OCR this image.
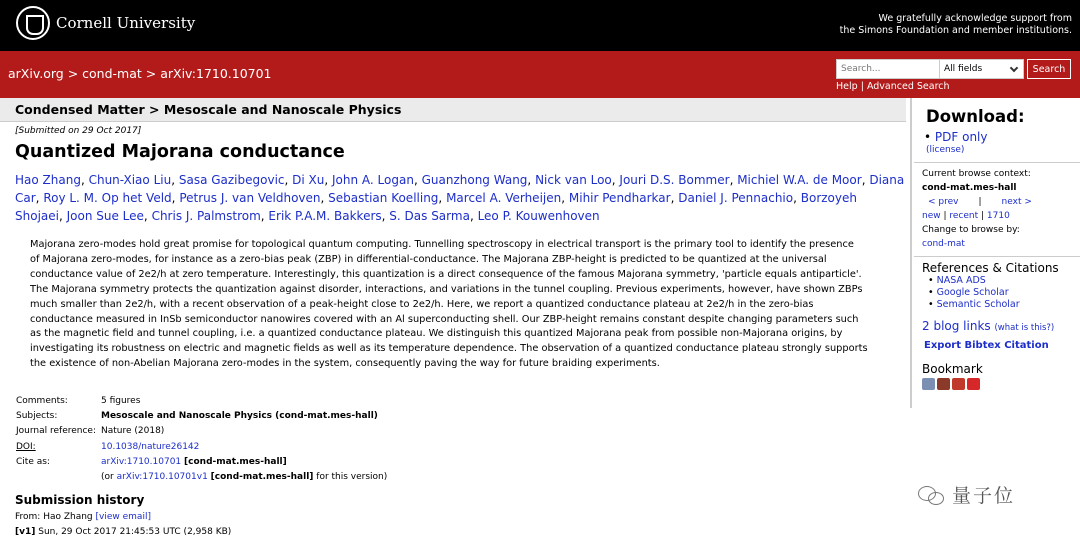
Cornell University	We gratefully acknowledge support from
the Simons Foundation and member institutions.
arXiv.org > cond-mat > arXiv:1710.10701	Search...	All fields	Search
Help | Advanced Search
Condensed Matter > Mesoscale and Nanoscale Physics
[Submitted on 29 Oct 2017]
Quantized Majorana conductance
Hao Zhang, Chun-Xiao Liu, Sasa Gazibegovic, Di Xu, John A. Logan, Guanzhong Wang, Nick van Loo, Jouri D.S. Bommer, Michiel W.A. de Moor, Diana Car, Roy L. M. Op het Veld, Petrus J. van Veldhoven, Sebastian Koelling, Marcel A. Verheijen, Mihir Pendharkar, Daniel J. Pennachio, Borzoyeh Shojaei, Joon Sue Lee, Chris J. Palmstrom, Erik P.A.M. Bakkers, S. Das Sarma, Leo P. Kouwenhoven
Majorana zero-modes hold great promise for topological quantum computing. Tunnelling spectroscopy in electrical transport is the primary tool to identify the presence
of Majorana zero-modes, for instance as a zero-bias peak (ZBP) in differential-conductance. The Majorana ZBP-height is predicted to be quantized at the universal
conductance value of 2e2/h at zero temperature. Interestingly, this quantization is a direct consequence of the famous Majorana symmetry, 'particle equals antiparticle'.
The Majorana symmetry protects the quantization against disorder, interactions, and variations in the tunnel coupling. Previous experiments, however, have shown ZBPs
much smaller than 2e2/h, with a recent observation of a peak-height close to 2e2/h. Here, we report a quantized conductance plateau at 2e2/h in the zero-bias
conductance measured in InSb semiconductor nanowires covered with an Al superconducting shell. Our ZBP-height remains constant despite changing parameters such
as the magnetic field and tunnel coupling, i.e. a quantized conductance plateau. We distinguish this quantized Majorana peak from possible non-Majorana origins, by
investigating its robustness on electric and magnetic fields as well as its temperature dependence. The observation of a quantized conductance plateau strongly supports
the existence of non-Abelian Majorana zero-modes in the system, consequently paving the way for future braiding experiments.
Comments:	5 figures
Subjects:	Mesoscale and Nanoscale Physics (cond-mat.mes-hall)
Journal reference: Nature (2018)
DOI:	10.1038/nature26142
Cite as:	arXiv:1710.10701 [cond-mat.mes-hall]
(or arXiv:1710.10701v1 [cond-mat.mes-hall] for this version)
Submission history
From: Hao Zhang [view email]
[v1] Sun, 29 Oct 2017 21:45:53 UTC (2,958 KB)
Download:
• PDF only
(license)
Current browse context:
cond-mat.mes-hall
< prev | next >
new | recent | 1710
Change to browse by:
cond-mat
References & Citations
• NASA ADS
• Google Scholar
• Semantic Scholar
2 blog links (what is this?)
Export Bibtex Citation
Bookmark
量子位
